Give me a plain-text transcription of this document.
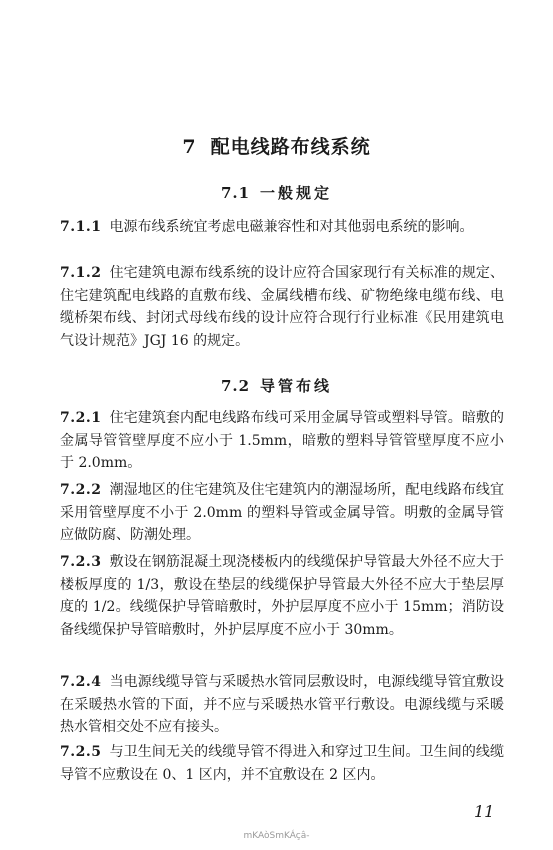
7 配电线路布线系统
7.1 一般规定
7.1.1 电源布线系统宜考虑电磁兼容性和对其他弱电系统的影响。
7.1.2 住宅建筑电源布线系统的设计应符合国家现行有关标准的规定、住宅建筑配电线路的直敷布线、金属线槽布线、矿物绝缘电缆布线、电缆桥架布线、封闭式母线布线的设计应符合现行行业标准《民用建筑电气设计规范》JGJ 16 的规定。
7.2 导管布线
7.2.1 住宅建筑套内配电线路布线可采用金属导管或塑料导管。暗敷的金属导管管壁厚度不应小于 1.5mm，暗敷的塑料导管管壁厚度不应小于 2.0mm。
7.2.2 潮湿地区的住宅建筑及住宅建筑内的潮湿场所，配电线路布线宜采用管壁厚度不小于 2.0mm 的塑料导管或金属导管。明敷的金属导管应做防腐、防潮处理。
7.2.3 敷设在钢筋混凝土现浇楼板内的线缆保护导管最大外径不应大于楼板厚度的 1/3，敷设在垫层的线缆保护导管最大外径不应大于垫层厚度的 1/2。线缆保护导管暗敷时，外护层厚度不应小于 15mm；消防设备线缆保护导管暗敷时，外护层厚度不应小于 30mm。
7.2.4 当电源线缆导管与采暖热水管同层敷设时，电源线缆导管宜敷设在采暖热水管的下面，并不应与采暖热水管平行敷设。电源线缆与采暖热水管相交处不应有接头。
7.2.5 与卫生间无关的线缆导管不得进入和穿过卫生间。卫生间的线缆导管不应敷设在 0、1 区内，并不宜敷设在 2 区内。
11
mKAòSmKÁçâ-
